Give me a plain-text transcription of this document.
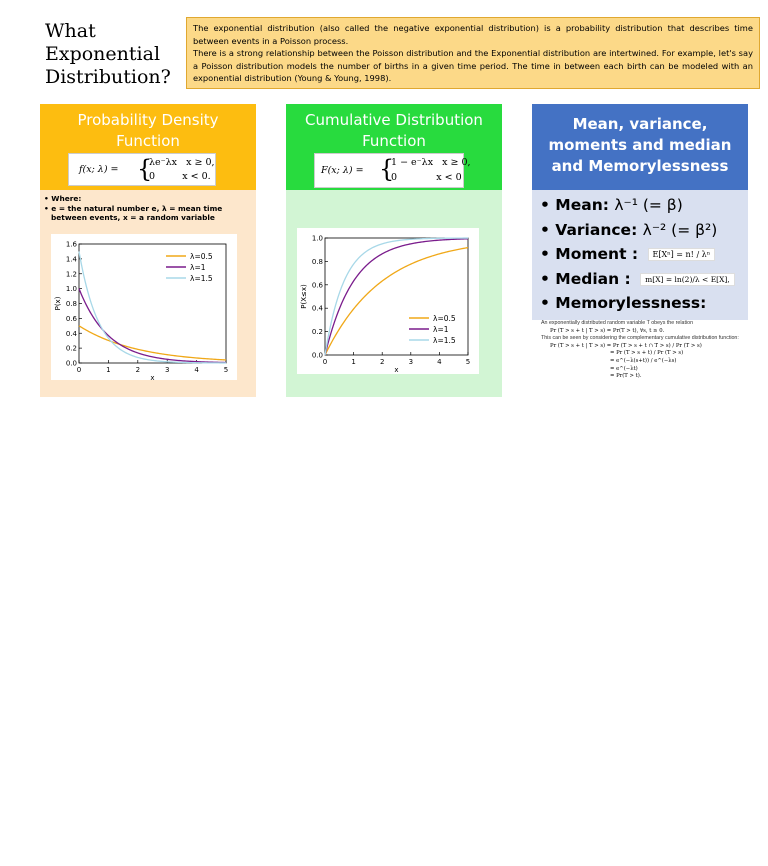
What
Exponential
Distribution?

The exponential distribution (also called the negative exponential distribution) is a probability distribution that describes time between events in a Poisson process.

There is a strong relationship between the Poisson distribution and the Exponential distribution are intertwined. For example, let's say a Poisson distribution models the number of births in a given time period. The time in between each birth can be modeled with an exponential distribution (Young & Young, 1998).

Probability Density Function
f(x; λ) = {
λe⁻λx   x ≥ 0,
0         x < 0.
• Where:
• e = the natural number e, λ = mean time between events, x = a random variable
0	1	2	3	4	5
0.0
0.2
0.4
0.6
0.8
1.0
1.2
1.4
1.6
x
P(x)
λ=0.5
λ=1
λ=1.5
Cumulative Distribution Function
F(x; λ) = {
1 − e⁻λx   x ≥ 0,
0             x < 0
0	1	2	3	4	5
0.0
0.2
0.4
0.6
0.8
1.0
x
P(X≤x)
λ=0.5
λ=1
λ=1.5
Mean, variance, moments and median and Memorylessness
• Mean: λ⁻¹ (= β)
• Variance: λ⁻² (= β²)
• Moment : E[Xⁿ] = n! / λⁿ
• Median : m[X] = ln(2)/λ < E[X],
• Memorylessness:
An exponentially distributed random variable T obeys the relation
Pr (T > s + t | T > s) = Pr(T > t), ∀s, t ≥ 0.
This can be seen by considering the complementary cumulative distribution function:
Pr (T > s + t | T > s) = Pr (T > s + t ∩ T > s) / Pr (T > s)
= Pr (T > s + t) / Pr (T > s)
= e^(−λ(s+t)) / e^(−λs)
= e^(−λt)
= Pr(T > t).
